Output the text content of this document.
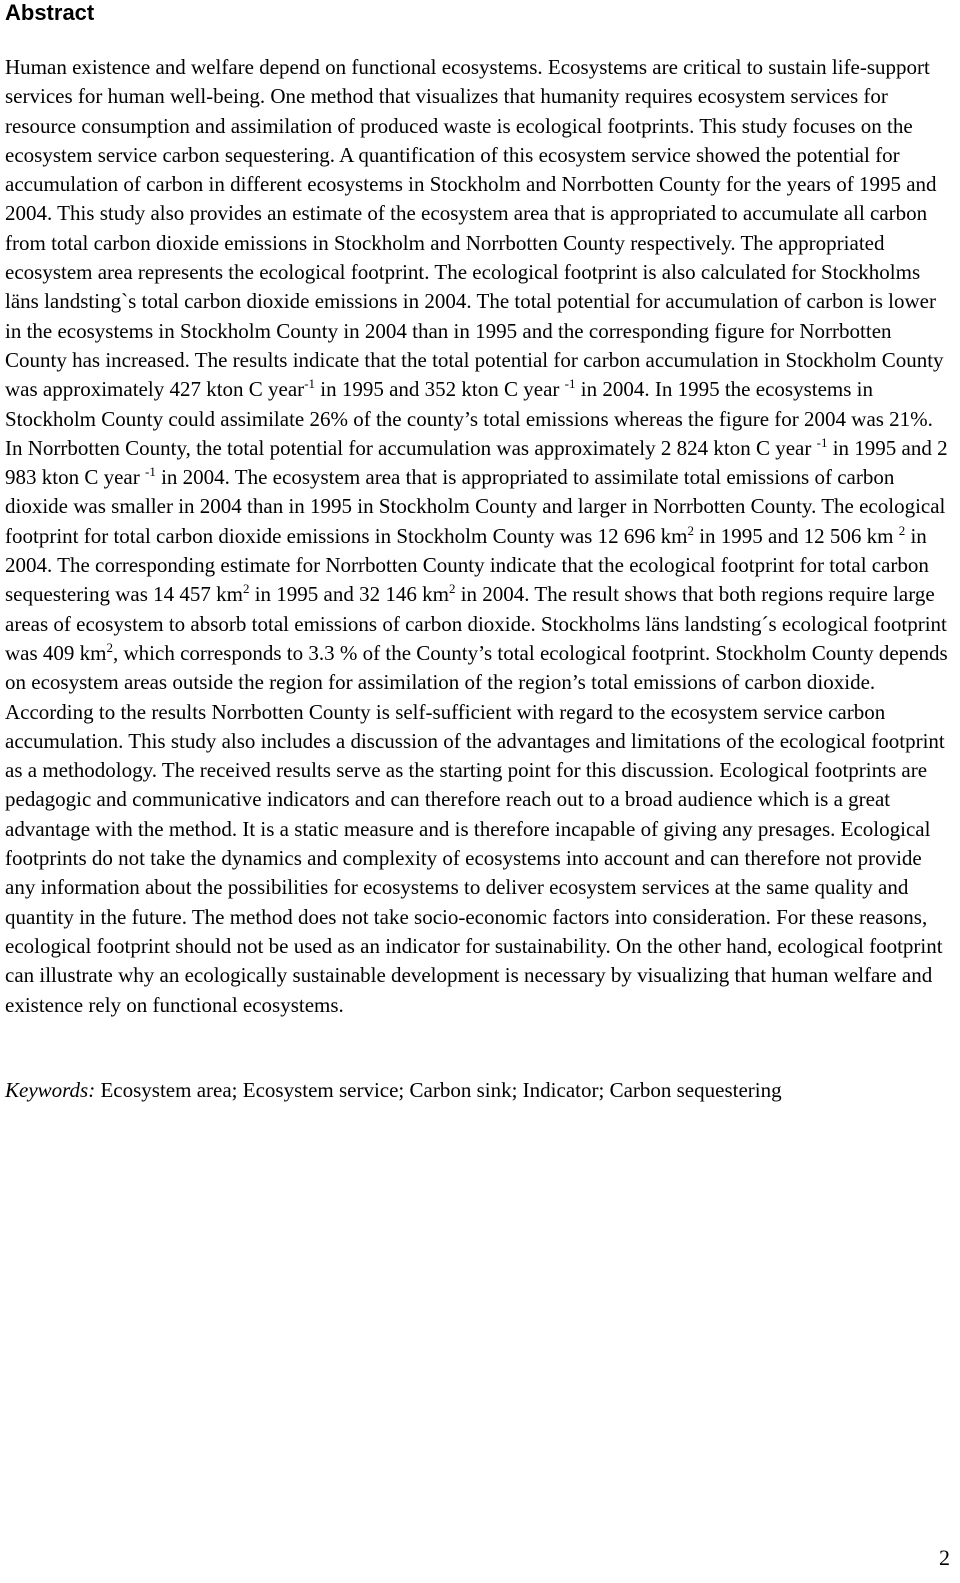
Abstract

Human existence and welfare depend on functional ecosystems. Ecosystems are critical to sustain life-support services for human well-being. One method that visualizes that humanity requires ecosystem services for resource consumption and assimilation of produced waste is ecological footprints. This study focuses on the ecosystem service carbon sequestering. A quantification of this ecosystem service showed the potential for accumulation of carbon in different ecosystems in Stockholm and Norrbotten County for the years of 1995 and 2004. This study also provides an estimate of the ecosystem area that is appropriated to accumulate all carbon from total carbon dioxide emissions in Stockholm and Norrbotten County respectively. The appropriated ecosystem area represents the ecological footprint. The ecological footprint is also calculated for Stockholms läns landsting`s total carbon dioxide emissions in 2004. The total potential for accumulation of carbon is lower in the ecosystems in Stockholm County in 2004 than in 1995 and the corresponding figure for Norrbotten County has increased. The results indicate that the total potential for carbon accumulation in Stockholm County was approximately 427 kton C year$^{-1}$ in 1995 and 352 kton C year $^{-1}$ in 2004. In 1995 the ecosystems in Stockholm County could assimilate 26% of the county’s total emissions whereas the figure for 2004 was 21%. In Norrbotten County, the total potential for accumulation was approximately 2 824 kton C year $^{-1}$ in 1995 and 2 983 kton C year $^{-1}$ in 2004. The ecosystem area that is appropriated to assimilate total emissions of carbon dioxide was smaller in 2004 than in 1995 in Stockholm County and larger in Norrbotten County. The ecological footprint for total carbon dioxide emissions in Stockholm County was 12 696 $km^2$ in 1995 and 12 506 km $^2$ in 2004. The corresponding estimate for Norrbotten County indicate that the ecological footprint for total carbon sequestering was 14 457 $km^2$ in 1995 and 32 146 $km^2$ in 2004. The result shows that both regions require large areas of ecosystem to absorb total emissions of carbon dioxide. Stockholms läns landsting´s ecological footprint was 409 $km^2$, which corresponds to 3.3 % of the County’s total ecological footprint. Stockholm County depends on ecosystem areas outside the region for assimilation of the region’s total emissions of carbon dioxide. According to the results Norrbotten County is self-sufficient with regard to the ecosystem service carbon accumulation. This study also includes a discussion of the advantages and limitations of the ecological footprint as a methodology. The received results serve as the starting point for this discussion. Ecological footprints are pedagogic and communicative indicators and can therefore reach out to a broad audience which is a great advantage with the method. It is a static measure and is therefore incapable of giving any presages. Ecological footprints do not take the dynamics and complexity of ecosystems into account and can therefore not provide any information about the possibilities for ecosystems to deliver ecosystem services at the same quality and quantity in the future. The method does not take socio-economic factors into consideration. For these reasons, ecological footprint should not be used as an indicator for sustainability. On the other hand, ecological footprint can illustrate why an ecologically sustainable development is necessary by visualizing that human welfare and existence rely on functional ecosystems.

Keywords: Ecosystem area; Ecosystem service; Carbon sink; Indicator; Carbon sequestering

2
